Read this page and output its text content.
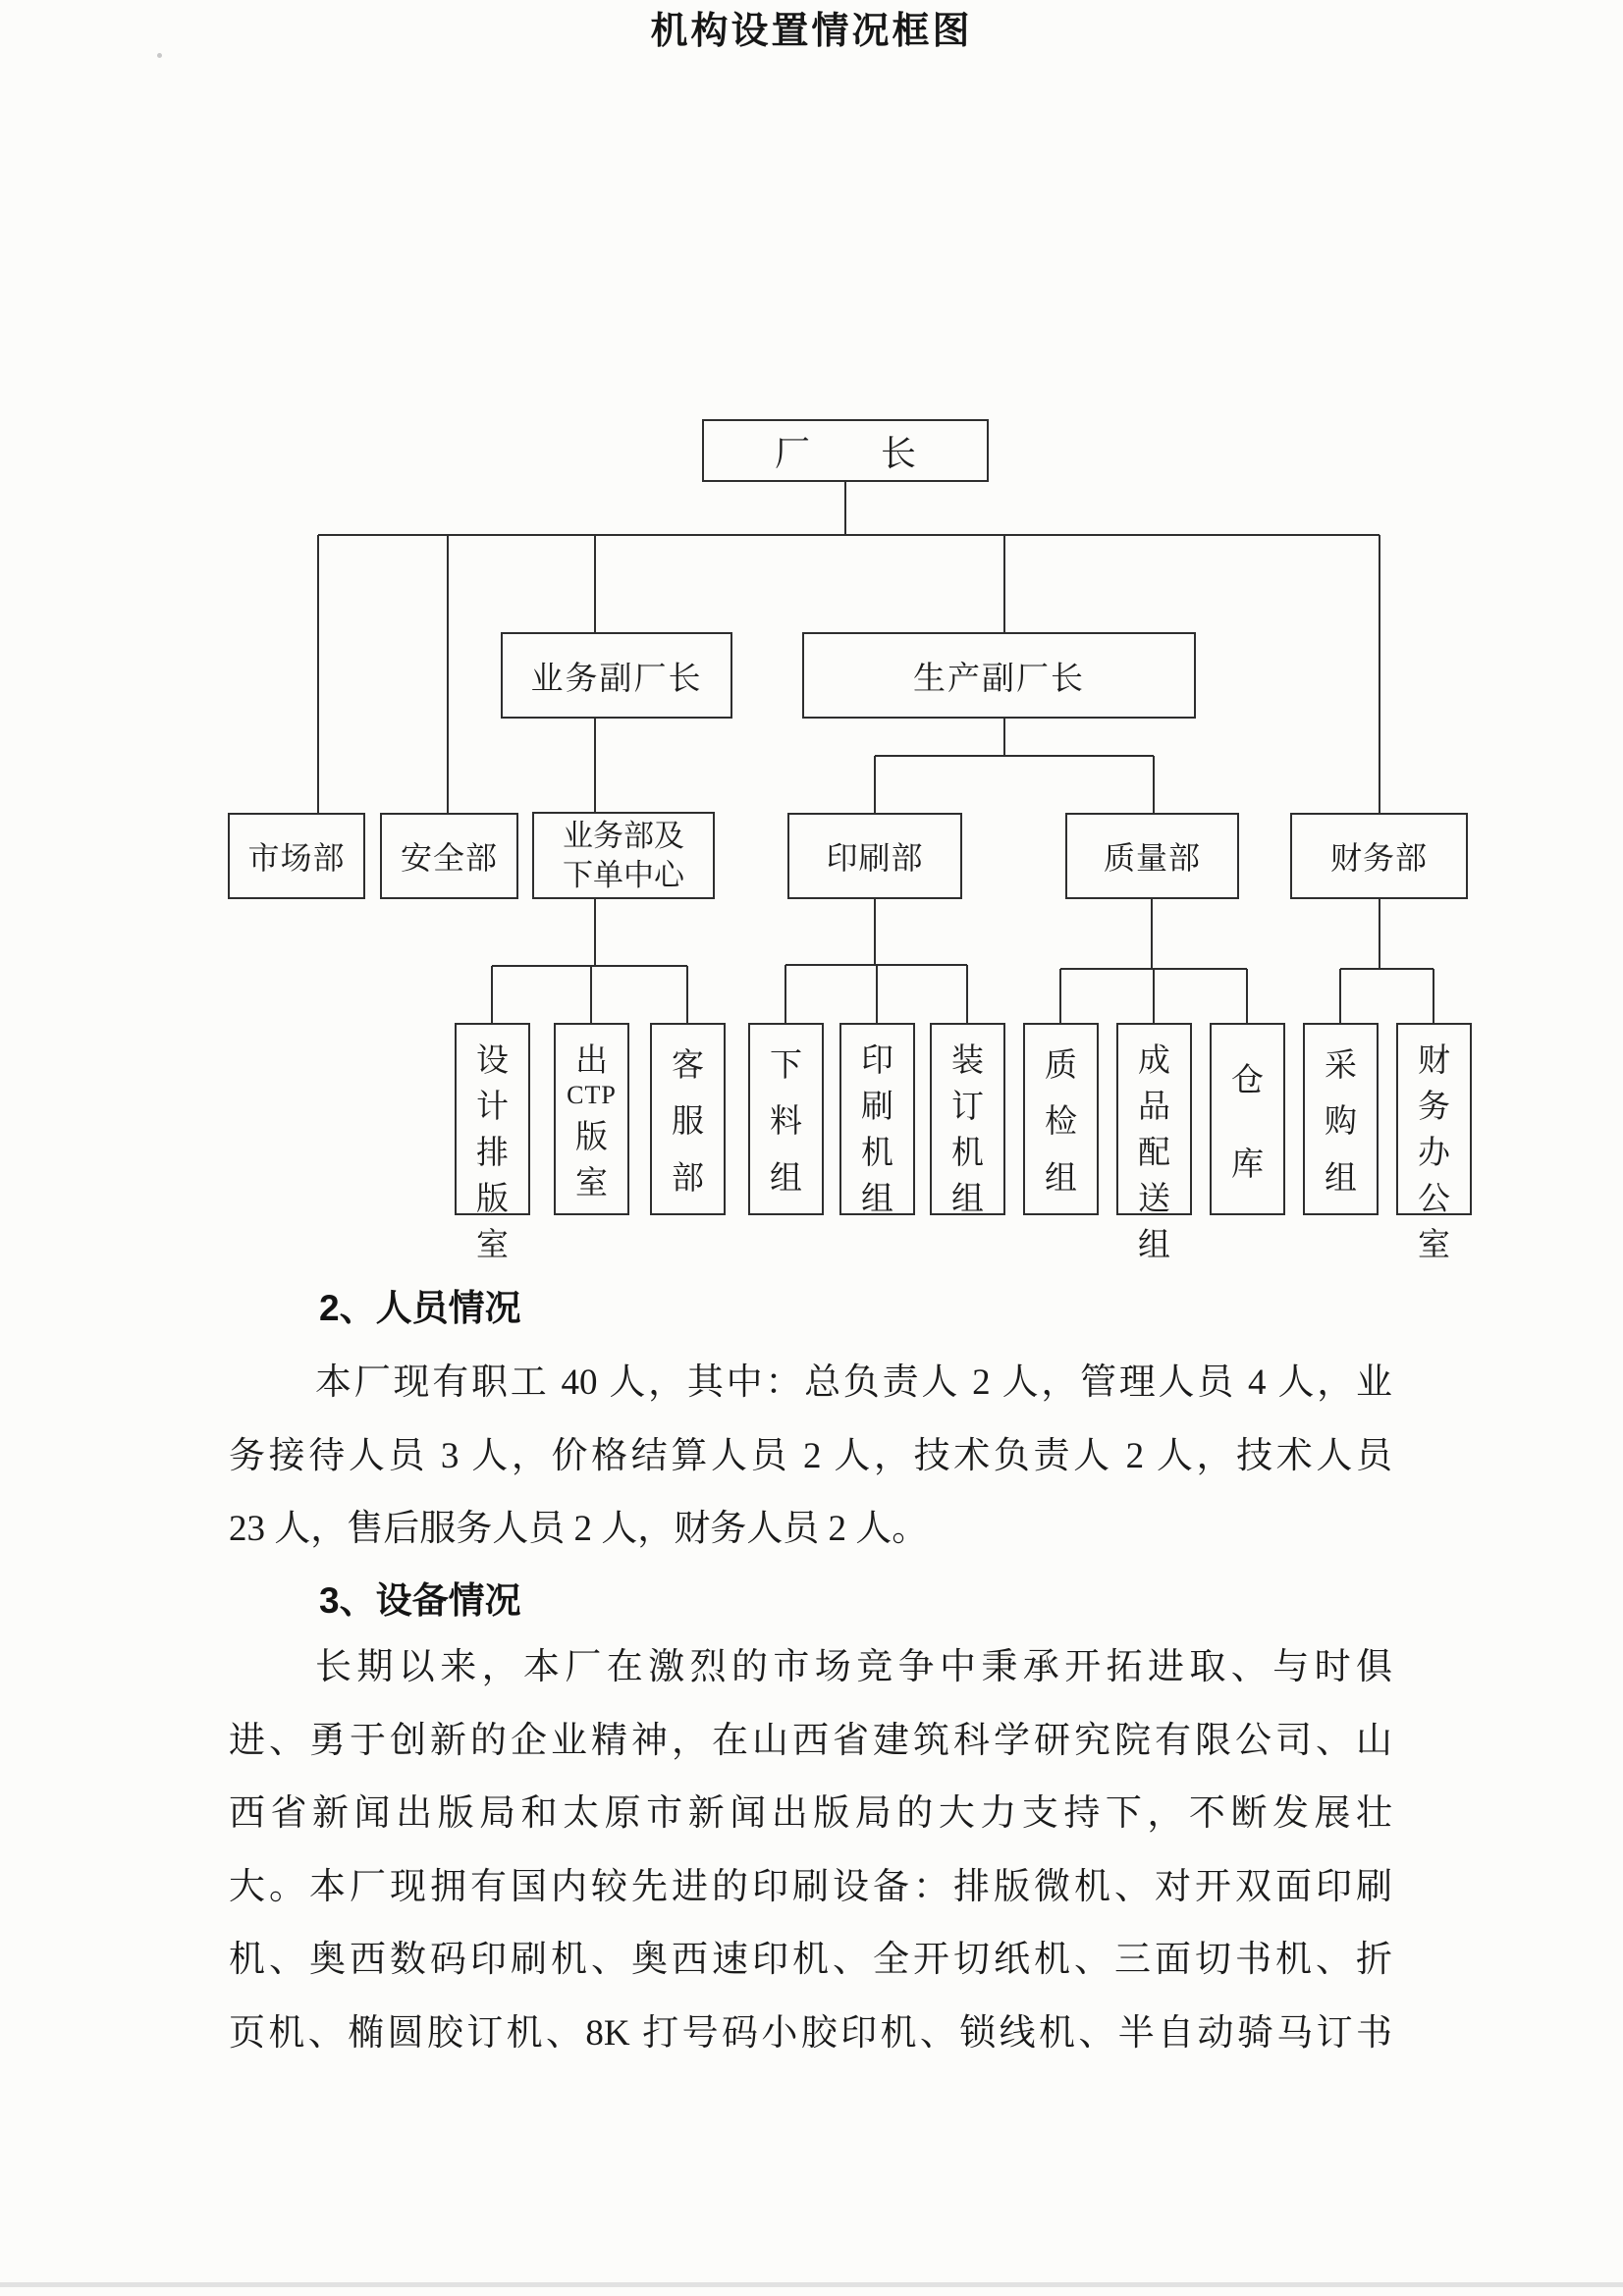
机构设置情况框图
厂 长
业务副厂长	生产副厂长
市场部 安全部
业务部及
下单中心	印刷部	质量部	财务部
设
计
排
版
室
出
CTP
版
室
客
服
部
下
料
组
印
刷
机
组
装
订
机
组
质
检
组
成
品
配
送
组
仓
库
采
购
组
财
务
办
公
室
2、人员情况
本厂现有职工 40 人，其中：总负责人 2 人，管理人员 4 人，业
务接待人员 3 人，价格结算人员 2 人，技术负责人 2 人，技术人员
23 人，售后服务人员 2 人，财务人员 2 人。
3、设备情况
长期以来，本厂在激烈的市场竞争中秉承开拓进取、与时俱
进、勇于创新的企业精神，在山西省建筑科学研究院有限公司、山
西省新闻出版局和太原市新闻出版局的大力支持下，不断发展壮
大。本厂现拥有国内较先进的印刷设备：排版微机、对开双面印刷
机、奥西数码印刷机、奥西速印机、全开切纸机、三面切书机、折
页机、椭圆胶订机、8K 打号码小胶印机、锁线机、半自动骑马订书
